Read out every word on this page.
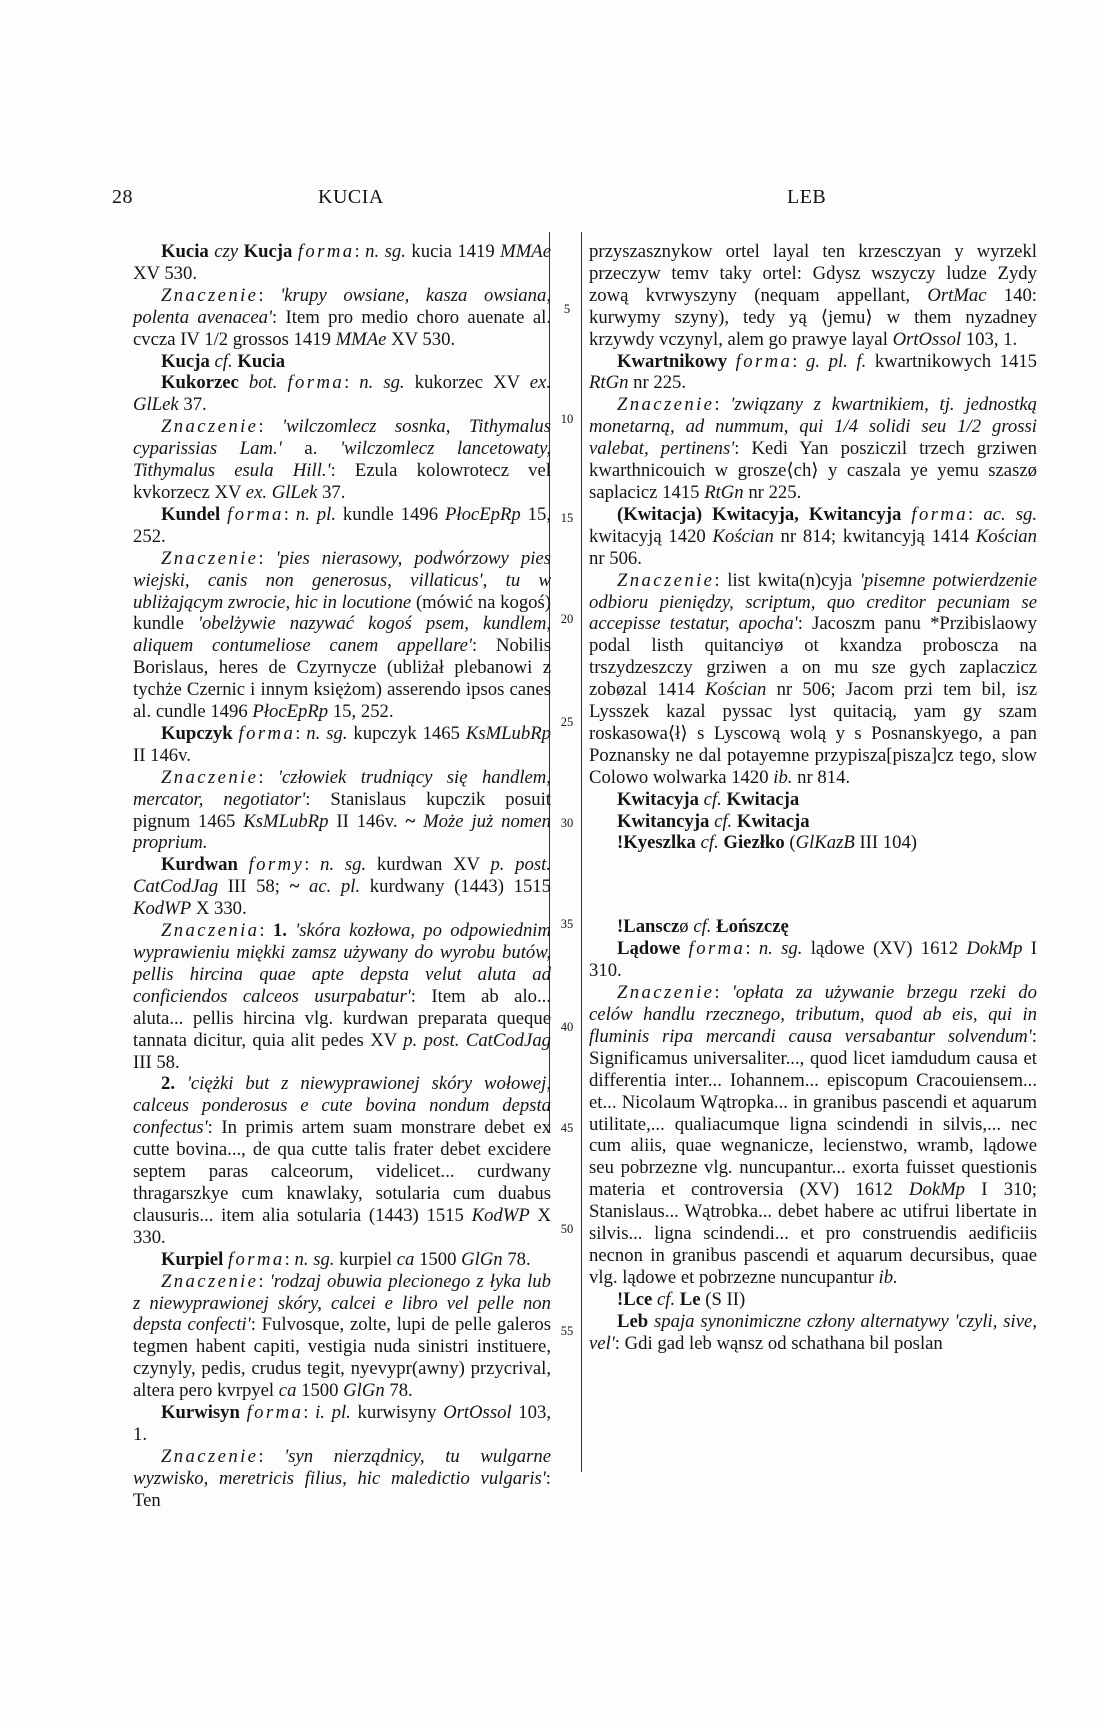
28	KUCIA	LEB
5
10
15
20
25
30
35
40
45
50
55

Kucia czy Kucja forma: n. sg. kucia 1419 MMAe XV 530.

Znaczenie: 'krupy owsiane, kasza owsiana, polenta avenacea': Item pro medio choro auenate al. cvcza IV 1/2 grossos 1419 MMAe XV 530.

Kucja cf. Kucia

Kukorzec bot. forma: n. sg. kukorzec XV ex. GlLek 37.

Znaczenie: 'wilczomlecz sosnka, Tithymalus cyparissias Lam.' a. 'wilczomlecz lancetowaty, Tithymalus esula Hill.': Ezula kolowrotecz vel kvkorzecz XV ex. GlLek 37.

Kundel forma: n. pl. kundle 1496 PłocEpRp 15, 252.

Znaczenie: 'pies nierasowy, podwórzowy pies wiejski, canis non generosus, villaticus', tu w ubliżającym zwrocie, hic in locutione (mówić na kogoś) kundle 'obelżywie nazywać kogoś psem, kundlem, aliquem contumeliose canem appellare': Nobilis Borislaus, heres de Czyrnycze (ubliżał plebanowi z tychże Czernic i innym księżom) asserendo ipsos canes al. cundle 1496 PłocEpRp 15, 252.

Kupczyk forma: n. sg. kupczyk 1465 KsMLubRp II 146v.

Znaczenie: 'człowiek trudniący się handlem, mercator, negotiator': Stanislaus kupczik posuit pignum 1465 KsMLubRp II 146v. ~ Może już nomen proprium.

Kurdwan formy: n. sg. kurdwan XV p. post. CatCodJag III 58; ~ ac. pl. kurdwany (1443) 1515 KodWP X 330.

Znaczenia: 1. 'skóra kozłowa, po odpowiednim wyprawieniu miękki zamsz używany do wyrobu butów, pellis hircina quae apte depsta velut aluta ad conficiendos calceos usurpabatur': Item ab alo... aluta... pellis hircina vlg. kurdwan preparata queque tannata dicitur, quia alit pedes XV p. post. CatCodJag III 58.

2. 'ciężki but z niewyprawionej skóry wołowej, calceus ponderosus e cute bovina nondum depsta confectus': In primis artem suam monstrare debet ex cutte bovina..., de qua cutte talis frater debet excidere septem paras calceorum, videlicet... curdwany thragarszkye cum knawlaky, sotularia cum duabus clausuris... item alia sotularia (1443) 1515 KodWP X 330.

Kurpiel forma: n. sg. kurpiel ca 1500 GlGn 78.

Znaczenie: 'rodzaj obuwia plecionego z łyka lub z niewyprawionej skóry, calcei e libro vel pelle non depsta confecti': Fulvosque, zolte, lupi de pelle galeros tegmen habent capiti, vestigia nuda sinistri instituere, czynyly, pedis, crudus tegit, nyevypr(awny) przycrival, altera pero kvrpyel ca 1500 GlGn 78.

Kurwisyn forma: i. pl. kurwisyny OrtOssol 103, 1.

Znaczenie: 'syn nierządnicy, tu wulgarne wyzwisko, meretricis filius, hic maledictio vulgaris': Ten

przyszasznykow ortel layal ten krzesczyan y wyrzekl przeczyw temv taky ortel: Gdysz wszyczy ludze Zydy zową kvrwyszyny (nequam appellant, OrtMac 140: kurwymy szyny), tedy yą ⟨jemu⟩ w them nyzadney krzywdy vczynyl, alem go prawye layal OrtOssol 103, 1.

Kwartnikowy forma: g. pl. f. kwartnikowych 1415 RtGn nr 225.

Znaczenie: 'związany z kwartnikiem, tj. jednostką monetarną, ad nummum, qui 1/4 solidi seu 1/2 grossi valebat, pertinens': Kedi Yan posziczil trzech grziwen kwarthnicouich w grosze⟨ch⟩ y caszala ye yemu szaszø saplacicz 1415 RtGn nr 225.

(Kwitacja) Kwitacyja, Kwitancyja forma: ac. sg. kwitacyją 1420 Kościan nr 814; kwitancyją 1414 Kościan nr 506.

Znaczenie: list kwita(n)cyja 'pisemne potwierdzenie odbioru pieniędzy, scriptum, quo creditor pecuniam se accepisse testatur, apocha': Jacoszm panu *Przibislaowy podal listh quitanciyø ot kxandza proboscza na trszydzeszczy grziwen a on mu sze gych zaplaczicz zobøzal 1414 Kościan nr 506; Jacom przi tem bil, isz Lysszek kazal pyssac lyst quitacią, yam gy szam roskasowa⟨ł⟩ s Lyscową wolą y s Posnanskyego, a pan Poznansky ne dal potayemne przypisza[pisza]cz tego, slow Colowo wolwarka 1420 ib. nr 814.

Kwitacyja cf. Kwitacja

Kwitancyja cf. Kwitacja

!Kyeszlka cf. Giezłko (GlKazB III 104)

!Lansczø cf. Łońszczę

Lądowe forma: n. sg. lądowe (XV) 1612 DokMp I 310.

Znaczenie: 'opłata za używanie brzegu rzeki do celów handlu rzecznego, tributum, quod ab eis, qui in fluminis ripa mercandi causa versabantur solvendum': Significamus universaliter..., quod licet iamdudum causa et differentia inter... Iohannem... episcopum Cracouiensem... et... Nicolaum Wątropka... in granibus pascendi et aquarum utilitate,... qualiacumque ligna scindendi in silvis,... nec cum aliis, quae wegnanicze, lecienstwo, wramb, lądowe seu pobrzezne vlg. nuncupantur... exorta fuisset questionis materia et controversia (XV) 1612 DokMp I 310; Stanislaus... Wątrobka... debet habere ac utifrui libertate in silvis... ligna scindendi... et pro construendis aedificiis necnon in granibus pascendi et aquarum decursibus, quae vlg. lądowe et pobrzezne nuncupantur ib.

!Lce cf. Le (S II)

Leb spaja synonimiczne człony alternatywy 'czyli, sive, vel': Gdi gad leb wąnsz od schathana bil poslan
